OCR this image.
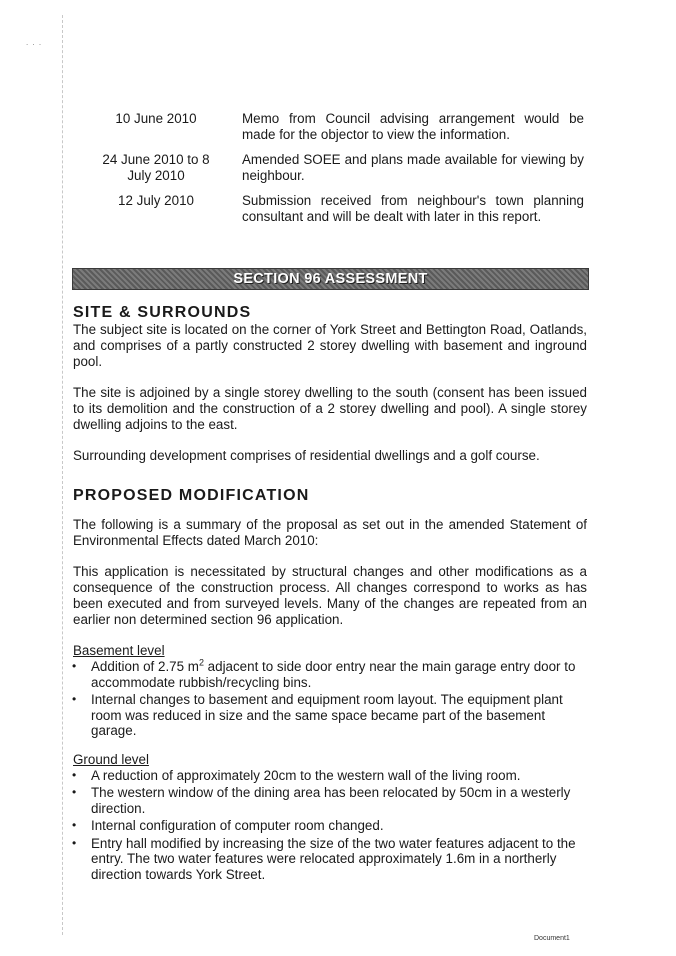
. . .
10 June 2010	Memo from Council advising arrangement would be made for the objector to view the information.
24 June 2010 to 8 July 2010
Amended SOEE and plans made available for viewing by neighbour.
12 July 2010	Submission received from neighbour's town planning consultant and will be dealt with later in this report.
SECTION 96 ASSESSMENT
SITE & SURROUNDS

The subject site is located on the corner of York Street and Bettington Road, Oatlands, and comprises of a partly constructed 2 storey dwelling with basement and inground pool.

The site is adjoined by a single storey dwelling to the south (consent has been issued to its demolition and the construction of a 2 storey dwelling and pool). A single storey dwelling adjoins to the east.

Surrounding development comprises of residential dwellings and a golf course.

PROPOSED MODIFICATION

The following is a summary of the proposal as set out in the amended Statement of Environmental Effects dated March 2010:

This application is necessitated by structural changes and other modifications as a consequence of the construction process. All changes correspond to works as has been executed and from surveyed levels. Many of the changes are repeated from an earlier non determined section 96 application.

Basement level
• Addition of 2.75 $m^2$ adjacent to side door entry near the main garage entry door to accommodate rubbish/recycling bins.
• Internal changes to basement and equipment room layout. The equipment plant room was reduced in size and the same space became part of the basement garage.
Ground level
• A reduction of approximately 20cm to the western wall of the living room.
• The western window of the dining area has been relocated by 50cm in a westerly direction.
• Internal configuration of computer room changed.
• Entry hall modified by increasing the size of the two water features adjacent to the entry. The two water features were relocated approximately 1.6m in a northerly direction towards York Street.
Document1
